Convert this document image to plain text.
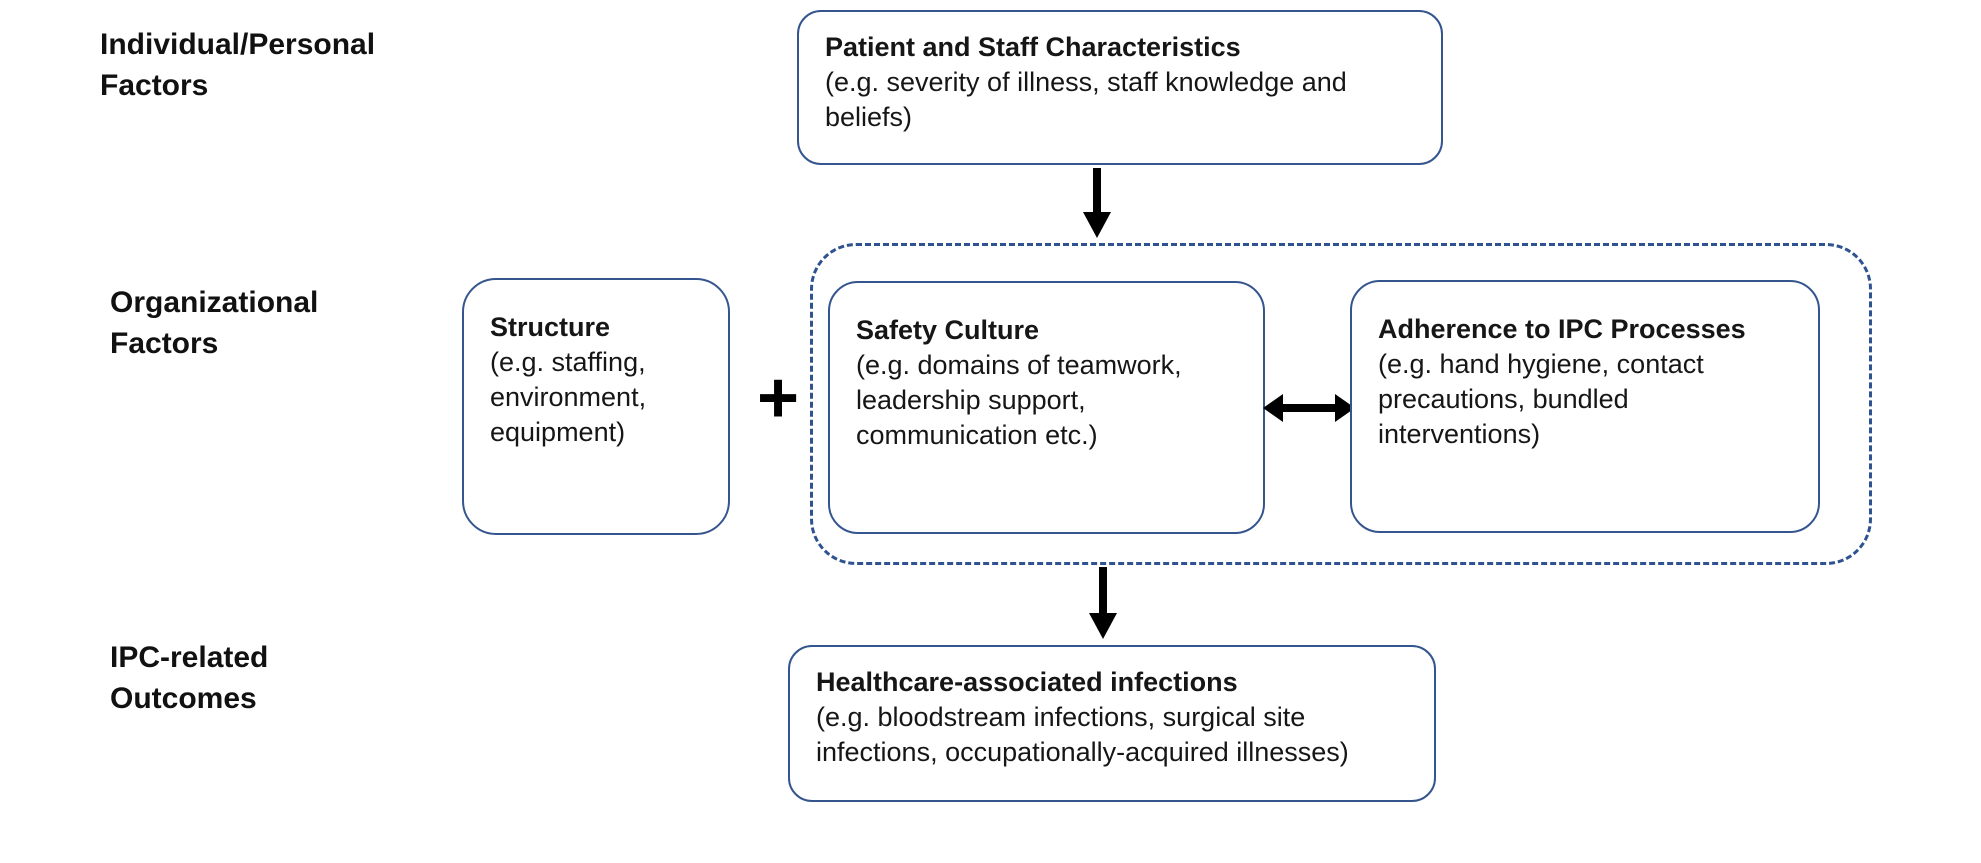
Individual/Personal Factors
Organizational Factors
IPC-related Outcomes
Patient and Staff Characteristics
(e.g. severity of illness, staff knowledge and beliefs)
Structure
(e.g. staffing, environment, equipment)	+
Safety Culture
(e.g. domains of teamwork, leadership support, communication etc.)
Adherence to IPC Processes
(e.g. hand hygiene, contact precautions, bundled interventions)
Healthcare-associated infections
(e.g. bloodstream infections, surgical site infections, occupationally-acquired illnesses)
